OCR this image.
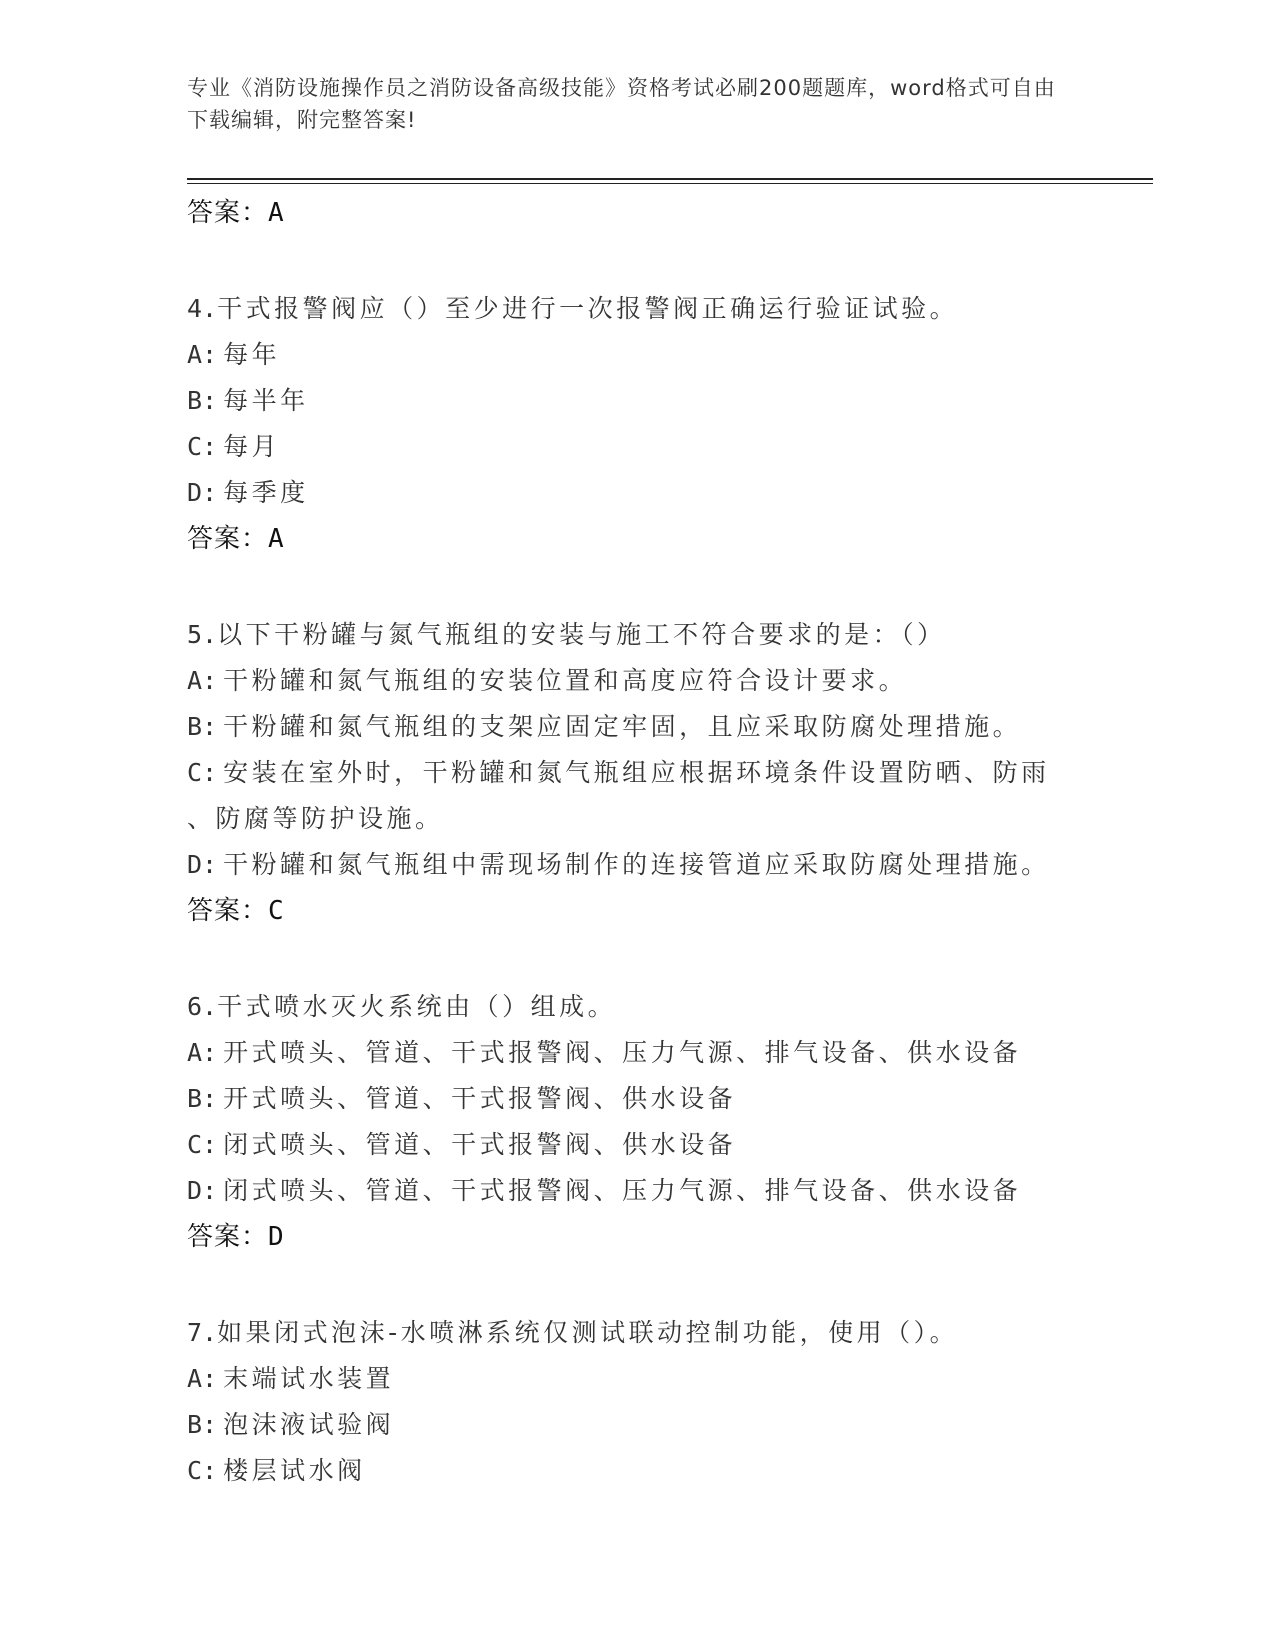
专业《消防设施操作员之消防设备高级技能》资格考试必刷200题题库，word格式可自由下载编辑，附完整答案!
答案：A
4.干式报警阀应（）至少进行一次报警阀正确运行验证试验。
A: 每年
B: 每半年
C: 每月
D: 每季度
答案：A
5.以下干粉罐与氮气瓶组的安装与施工不符合要求的是：（）
A: 干粉罐和氮气瓶组的安装位置和高度应符合设计要求。
B: 干粉罐和氮气瓶组的支架应固定牢固，且应采取防腐处理措施。
C: 安装在室外时，干粉罐和氮气瓶组应根据环境条件设置防晒、防雨
、防腐等防护设施。
D: 干粉罐和氮气瓶组中需现场制作的连接管道应采取防腐处理措施。
答案：C
6.干式喷水灭火系统由（）组成。
A: 开式喷头、管道、干式报警阀、压力气源、排气设备、供水设备
B: 开式喷头、管道、干式报警阀、供水设备
C: 闭式喷头、管道、干式报警阀、供水设备
D: 闭式喷头、管道、干式报警阀、压力气源、排气设备、供水设备
答案：D
7.如果闭式泡沫-水喷淋系统仅测试联动控制功能，使用（）。
A: 末端试水装置
B: 泡沫液试验阀
C: 楼层试水阀
